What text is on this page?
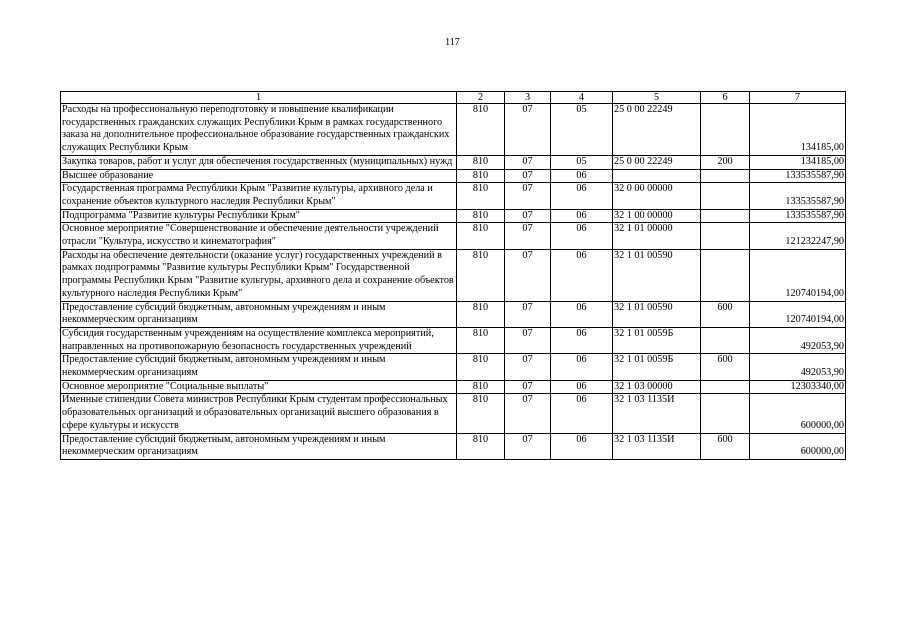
117
1	2	3	4	5	6	7
Расходы на профессиональную переподготовку и повышение квалификации государственных гражданских служащих Республики Крым в рамках государственного заказа на дополнительное профессиональное образование государственных гражданских служащих Республики Крым	810	07	05	25 0 00 22249		134185,00
Закупка товаров, работ и услуг для обеспечения государственных (муниципальных) нужд	810	07	05	25 0 00 22249	200	134185,00
Высшее образование	810	07	06			133535587,90
Государственная программа Республики Крым "Развитие культуры, архивного дела и сохранение объектов культурного наследия Республики Крым"	810	07	06	32 0 00 00000		133535587,90
Подпрограмма "Развитие культуры Республики Крым"	810	07	06	32 1 00 00000		133535587,90
Основное мероприятие "Совершенствование и обеспечение деятельности учреждений отрасли "Культура, искусство и кинематография"	810	07	06	32 1 01 00000		121232247,90
Расходы на обеспечение деятельности (оказание услуг) государственных учреждений в рамках подпрограммы "Развитие культуры Республики Крым" Государственной программы Республики Крым "Развитие культуры, архивного дела и сохранение объектов культурного наследия Республики Крым"	810	07	06	32 1 01 00590		120740194,00
Предоставление субсидий бюджетным, автономным учреждениям и иным некоммерческим организациям	810	07	06	32 1 01 00590	600	120740194,00
Субсидия государственным учреждениям на осуществление комплекса мероприятий, направленных на противопожарную безопасность государственных учреждений	810	07	06	32 1 01 0059Б		492053,90
Предоставление субсидий бюджетным, автономным учреждениям и иным некоммерческим организациям	810	07	06	32 1 01 0059Б	600	492053,90
Основное мероприятие "Социальные выплаты"	810	07	06	32 1 03 00000		12303340,00
Именные стипендии Совета министров Республики Крым студентам профессиональных образовательных организаций и образовательных организаций высшего образования в сфере культуры и искусств	810	07	06	32 1 03 1135И		600000,00
Предоставление субсидий бюджетным, автономным учреждениям и иным некоммерческим организациям	810	07	06	32 1 03 1135И	600	600000,00
